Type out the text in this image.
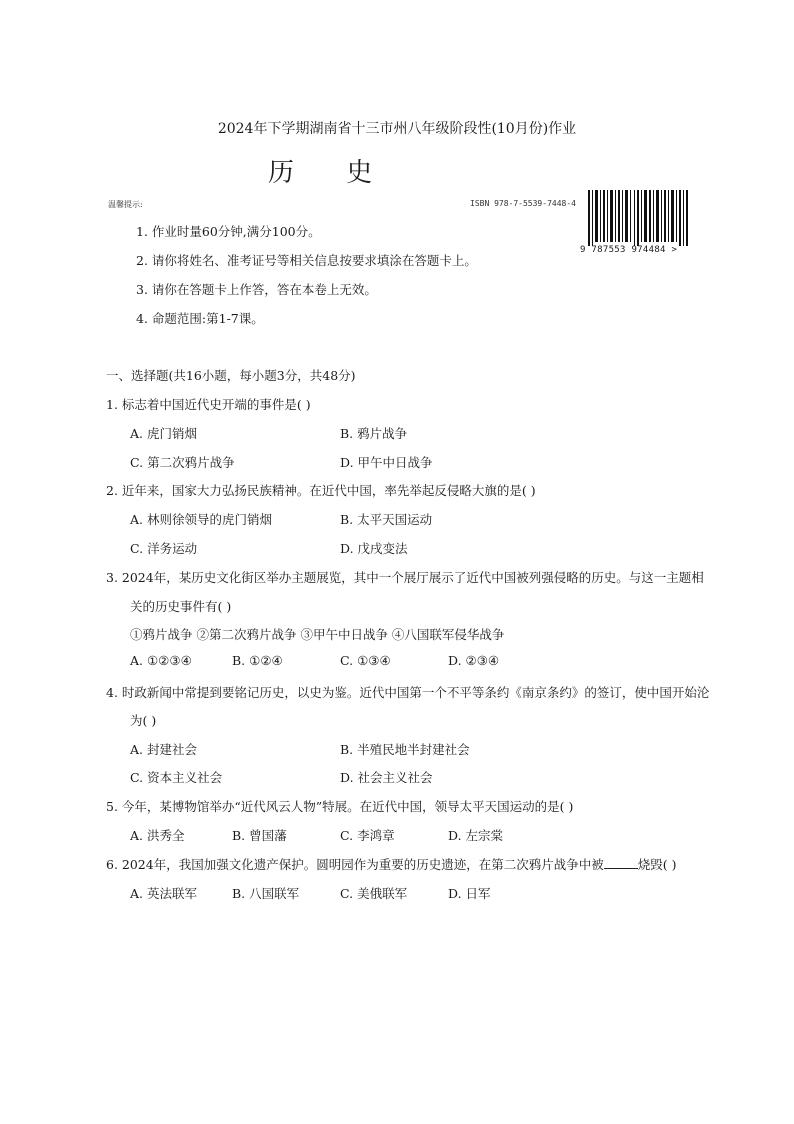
2024年下学期湖南省十三市州八年级阶段性(10月份)作业
历 史
温馨提示:	ISBN 978-7-5539-7448-4
9 787553 974484 >
1. 作业时量60分钟,满分100分。
2. 请你将姓名、准考证号等相关信息按要求填涂在答题卡上。
3. 请你在答题卡上作答，答在本卷上无效。
4. 命题范围:第1-7课。
一、选择题(共16小题，每小题3分，共48分)
1. 标志着中国近代史开端的事件是( )
A. 虎门销烟	B. 鸦片战争
C. 第二次鸦片战争	D. 甲午中日战争
2. 近年来，国家大力弘扬民族精神。在近代中国，率先举起反侵略大旗的是( )
A. 林则徐领导的虎门销烟	B. 太平天国运动
C. 洋务运动	D. 戊戌变法
3. 2024年，某历史文化街区举办主题展览，其中一个展厅展示了近代中国被列强侵略的历史。与这一主题相
关的历史事件有( )
①鸦片战争 ②第二次鸦片战争 ③甲午中日战争 ④八国联军侵华战争
A. ①②③④	B. ①②④	C. ①③④	D. ②③④
4. 时政新闻中常提到要铭记历史，以史为鉴。近代中国第一个不平等条约《南京条约》的签订，使中国开始沦
为( )
A. 封建社会	B. 半殖民地半封建社会
C. 资本主义社会	D. 社会主义社会
5. 今年，某博物馆举办“近代风云人物”特展。在近代中国，领导太平天国运动的是( )
A. 洪秀全	B. 曾国藩	C. 李鸿章	D. 左宗棠
6. 2024年，我国加强文化遗产保护。圆明园作为重要的历史遗迹，在第二次鸦片战争中被	烧毁( )
A. 英法联军	B. 八国联军	C. 美俄联军	D. 日军
